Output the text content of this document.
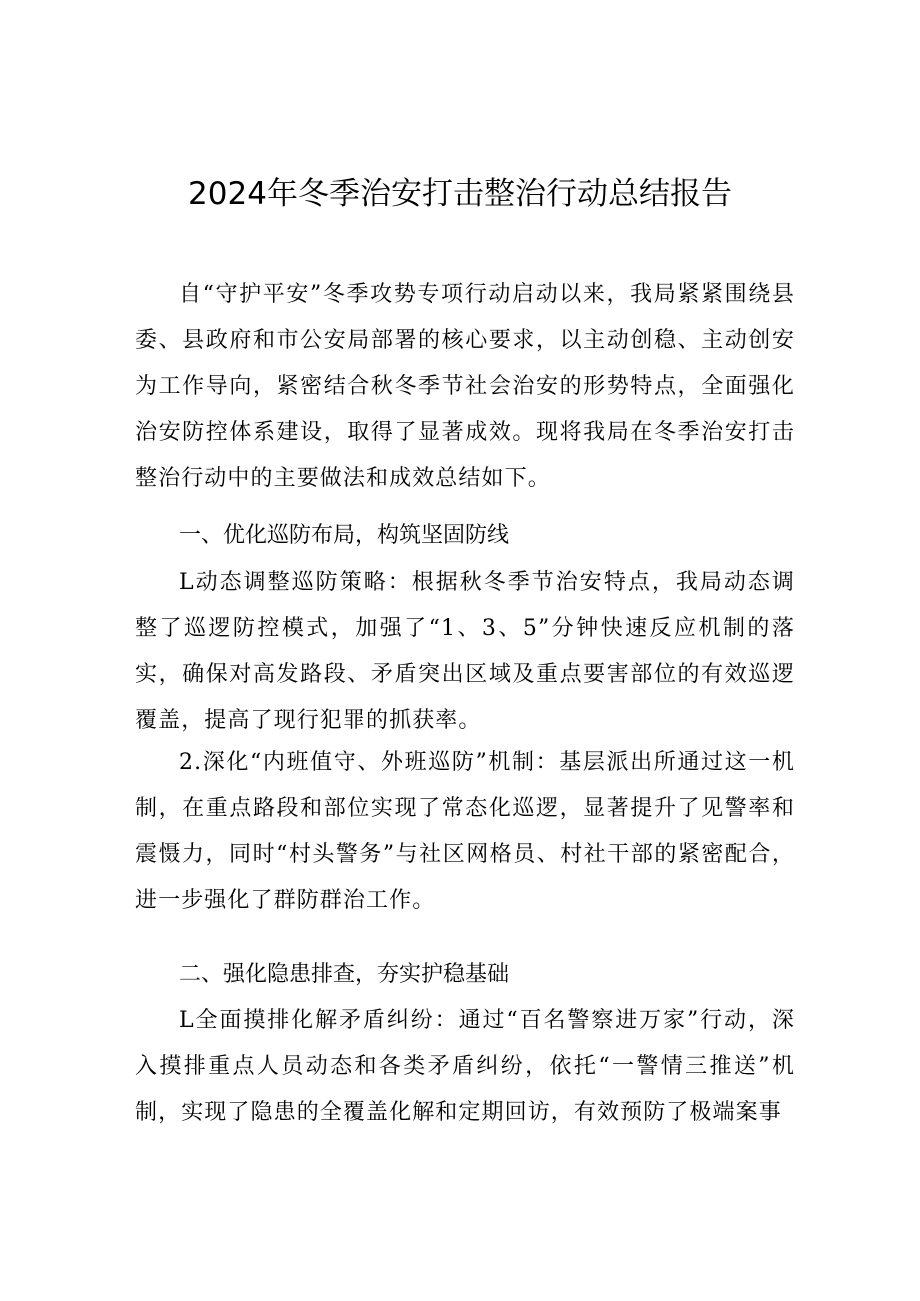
2024年冬季治安打击整治行动总结报告
自“守护平安”冬季攻势专项行动启动以来，我局紧紧围绕县委、县政府和市公安局部署的核心要求，以主动创稳、主动创安为工作导向，紧密结合秋冬季节社会治安的形势特点，全面强化治安防控体系建设，取得了显著成效。现将我局在冬季治安打击整治行动中的主要做法和成效总结如下。
一、优化巡防布局，构筑坚固防线
L动态调整巡防策略：根据秋冬季节治安特点，我局动态调整了巡逻防控模式，加强了“1、3、5”分钟快速反应机制的落实，确保对高发路段、矛盾突出区域及重点要害部位的有效巡逻覆盖，提高了现行犯罪的抓获率。
2.深化“内班值守、外班巡防”机制：基层派出所通过这一机制，在重点路段和部位实现了常态化巡逻，显著提升了见警率和震慑力，同时“村头警务”与社区网格员、村社干部的紧密配合，进一步强化了群防群治工作。
二、强化隐患排查，夯实护稳基础
L全面摸排化解矛盾纠纷：通过“百名警察进万家”行动，深入摸排重点人员动态和各类矛盾纠纷，依托“一警情三推送”机制，实现了隐患的全覆盖化解和定期回访，有效预防了极端案事
